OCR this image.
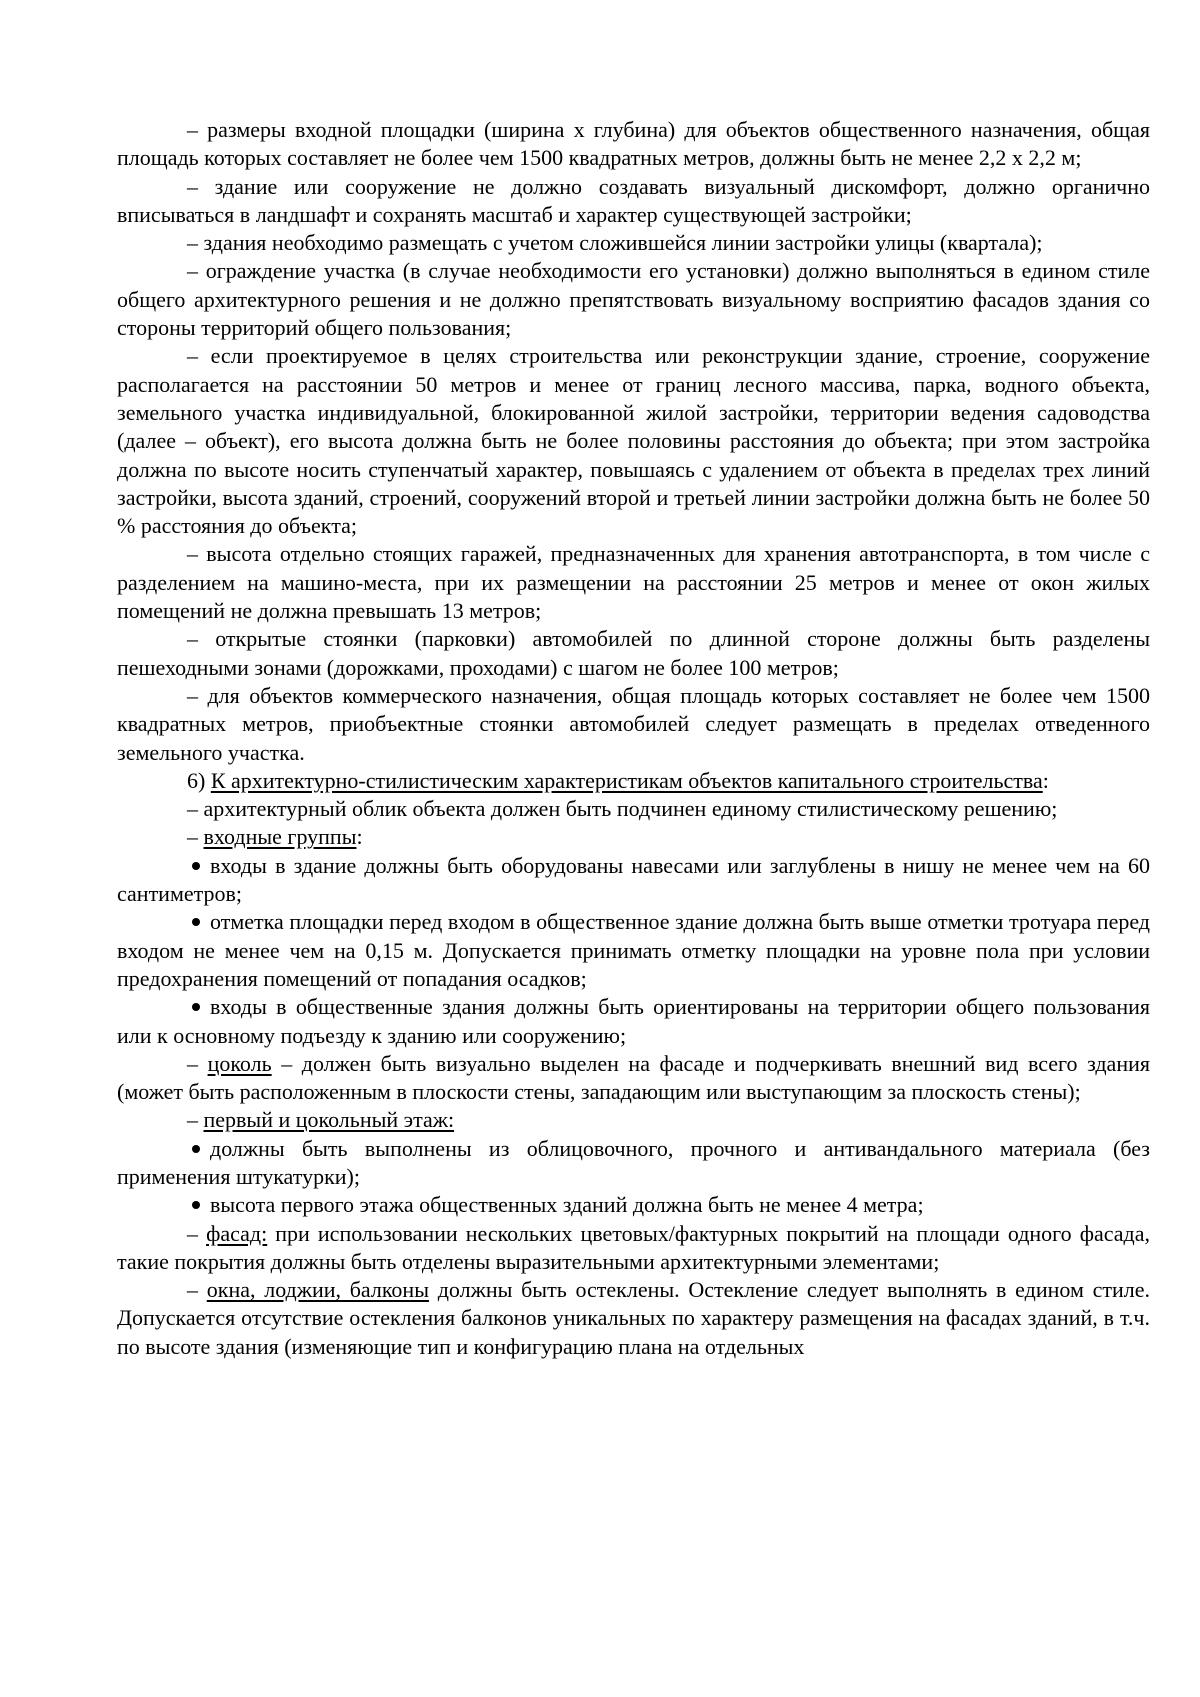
– размеры входной площадки (ширина х глубина) для объектов общественного назначения, общая площадь которых составляет не более чем 1500 квадратных метров, должны быть не менее 2,2 х 2,2 м;

– здание или сооружение не должно создавать визуальный дискомфорт, должно органично вписываться в ландшафт и сохранять масштаб и характер существующей застройки;

– здания необходимо размещать с учетом сложившейся линии застройки улицы (квартала);

– ограждение участка (в случае необходимости его установки) должно выполняться в едином стиле общего архитектурного решения и не должно препятствовать визуальному восприятию фасадов здания со стороны территорий общего пользования;

– если проектируемое в целях строительства или реконструкции здание, строение, сооружение располагается на расстоянии 50 метров и менее от границ лесного массива, парка, водного объекта, земельного участка индивидуальной, блокированной жилой застройки, территории ведения садоводства (далее – объект), его высота должна быть не более половины расстояния до объекта; при этом застройка должна по высоте носить ступенчатый характер, повышаясь с удалением от объекта в пределах трех линий застройки, высота зданий, строений, сооружений второй и третьей линии застройки должна быть не более 50 % расстояния до объекта;

– высота отдельно стоящих гаражей, предназначенных для хранения автотранспорта, в том числе с разделением на машино-места, при их размещении на расстоянии 25 метров и менее от окон жилых помещений не должна превышать 13 метров;

– открытые стоянки (парковки) автомобилей по длинной стороне должны быть разделены пешеходными зонами (дорожками, проходами) с шагом не более 100 метров;

– для объектов коммерческого назначения, общая площадь которых составляет не более чем 1500 квадратных метров, приобъектные стоянки автомобилей следует размещать в пределах отведенного земельного участка.

6) К архитектурно-стилистическим характеристикам объектов капитального строительства:

– архитектурный облик объекта должен быть подчинен единому стилистическому решению;

– входные группы:

входы в здание должны быть оборудованы навесами или заглублены в нишу не менее чем на 60 сантиметров;

отметка площадки перед входом в общественное здание должна быть выше отметки тротуара перед входом не менее чем на 0,15 м. Допускается принимать отметку площадки на уровне пола при условии предохранения помещений от попадания осадков;

входы в общественные здания должны быть ориентированы на территории общего пользования или к основному подъезду к зданию или сооружению;

– цоколь – должен быть визуально выделен на фасаде и подчеркивать внешний вид всего здания (может быть расположенным в плоскости стены, западающим или выступающим за плоскость стены);

– первый и цокольный этаж:

должны быть выполнены из облицовочного, прочного и антивандального материала (без применения штукатурки);

высота первого этажа общественных зданий должна быть не менее 4 метра;

– фасад: при использовании нескольких цветовых/фактурных покрытий на площади одного фасада, такие покрытия должны быть отделены выразительными архитектурными элементами;

– окна, лоджии, балконы должны быть остеклены. Остекление следует выполнять в едином стиле. Допускается отсутствие остекления балконов уникальных по характеру размещения на фасадах зданий, в т.ч. по высоте здания (изменяющие тип и конфигурацию плана на отдельных
